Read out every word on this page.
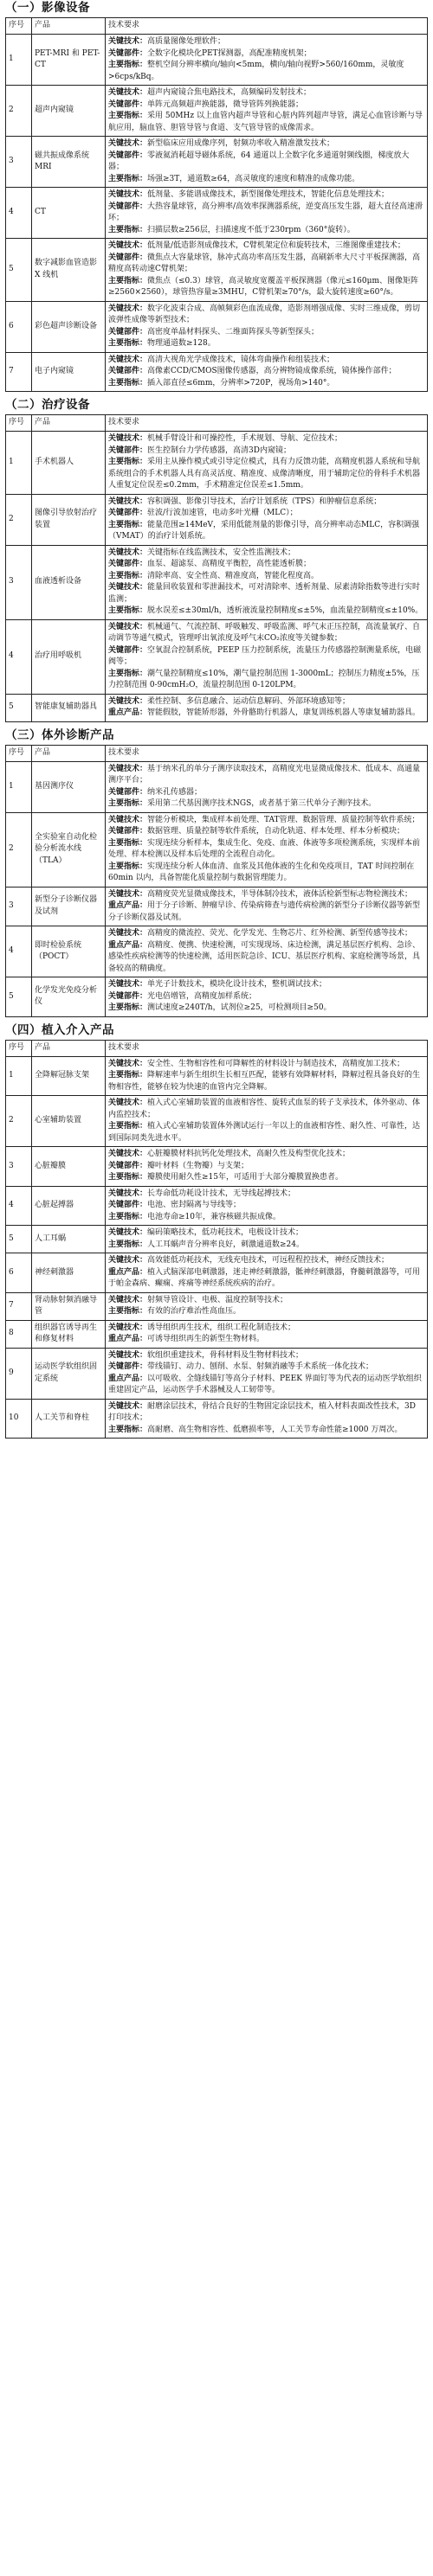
（一）影像设备
序号	产品	技术要求
1	PET-MRI 和 PET-CT	关键技术：高质量图像处理软件；

关键部件：全数字化模块化PET探测器，高配准精度机架；

主要指标：整机空间分辨率横向/轴向<5mm，横向/轴向视野>560/160mm，灵敏度>6cps/kBq。

2	超声内窥镜	关键技术：超声内窥镜合焦电路技术，高频编码发射技术；

关键部件：单阵元高频超声换能器，微导管阵列换能器；

主要指标：采用 50MHz 以上血管内超声导管和心脏内阵列超声导管，满足心血管诊断与导航应用，脑血管、胆管导管与食道、支气管导管的成像需求。

3	磁共振成像系统 MRI	关键技术：新型临床应用成像序列，射频功率收入精准激发技术；

关键部件：零液氦消耗超导磁体系统，64 通道以上全数字化多通道射频线圈，梯度放大器；

主要指标：场强≥3T，通道数≥64，高灵敏度的速度和精准的成像功能。

4	CT	关键技术：低剂量、多能谱成像技术，新型图像处理技术，智能化信息处理技术；

关键部件：大热容量球管，高分辨率/高效率探测器系统，逆变高压发生器，超大直径高速滑环；

主要指标：扫描层数≥256层，扫描速度不低于230rpm（360°旋转）。

5	数字减影血管造影 X 线机	关键技术：低剂量/低造影剂成像技术，C臂机架定位和旋转技术，三维图像重建技术；

关键部件：微焦点大容量球管，脉冲式高功率高压发生器，高刷新率大尺寸平板探测器，高精度高转动速C臂机架；

主要指标：微焦点（≤0.3）球管，高灵敏度宽覆盖平板探测器（像元≤160μm、图像矩阵≥2560×2560），球管热容量≥3MHU，C臂机架≥70°/s，最大旋转速度≥60°/s。

6	彩色超声诊断设备	关键技术：数字化波束合成、高帧频彩色血流成像，造影剂增强成像、实时三维成像，剪切波弹性成像等新型技术；

关键部件：高密度单晶材料探头、二维面阵探头等新型探头；

主要指标：物理通道数≥128。

7	电子内窥镜	关键技术：高清大视角光学成像技术，镜体弯曲操作和组装技术；

关键部件：高像素CCD/CMOS图像传感器，高分辨物镜成像系统，镜体操作部件；

主要指标：插入部直径≤6mm，分辨率>720P，视场角>140°。

（二）治疗设备
序号	产品	技术要求
1	手术机器人	关键技术：机械手臂设计和可操控性，手术规划、导航、定位技术；

关键部件：医生控制台力学传感器，高清3D内窥镜；

主要指标：采用主从操作模式或引导定位模式，具有力反馈功能，高精度机器人系统和导航系统组合的手术机器人具有高灵活度、精准度、成像清晰度，用于辅助定位的骨科手术机器人重复定位误差≤0.2mm，手术精准定位误差≤1.5mm。

2	图像引导放射治疗装置	关键技术：容积调强、影像引导技术，治疗计划系统（TPS）和肿瘤信息系统；

关键部件：驻波/行波加速管，电动多叶光栅（MLC）；

主要指标：能量范围≥14MeV，采用低能剂量的影像引导，高分辨率动态MLC，容积调强（VMAT）的治疗计划系统。

3	血液透析设备	关键技术：关键指标在线监测技术，安全性监测技术；

关键部件：血泵、超滤泵、高精度平衡腔，高性能透析膜；

主要指标：清除率高、安全性高、精准度高，智能化程度高。

关键技术：能量回收装置和零泄漏技术，可对清除率、透析剂量、尿素清除指数等进行实时监测；

主要指标：脱水误差≤±30ml/h，透析液流量控制精度≤±5%，血流量控制精度≤±10%。

4	治疗用呼吸机	关键技术：机械通气、气流控制、呼吸触发、呼吸监测、呼气末正压控制，高流量氧疗、自动调节等通气模式，管理呼出氧浓度及呼气末CO₂浓度等关键参数；

关键部件：空氧混合控制系统，PEEP 压力控制系统，流量压力传感器控制测量系统，电磁阀等；

主要指标：潮气量控制精度≤10%，潮气量控制范围 1-3000mL；控制压力精度±5%，压力控制范围 0-90cmH₂O，流量控制范围 0-120LPM。

5	智能康复辅助器具	关键技术：柔性控制、多信息融合、运动信息解码、外部环境感知等；

重点产品：智能假肢，智能矫形器，外骨骼助行机器人，康复训练机器人等康复辅助器具。

（三）体外诊断产品
序号	产品	技术要求
1	基因测序仪	关键技术：基于纳米孔的单分子测序读取技术，高精度光电显微成像技术、低成本、高通量测序平台；

关键部件：纳米孔传感器；

主要指标：采用第二代基因测序技术NGS，或者基于第三代单分子测序技术。

2	全实验室自动化检验分析流水线（TLA）	关键技术：智能分析模块，集成样本前处理、TAT管理、数据管理、质量控制等软件系统；

关键部件：数据管理、质量控制等软件系统，自动化轨道、样本处理、样本分析模块；

主要指标：实现连续分析样本，集成生化、免疫、血液、体液等多项检测系统，实现样本前处理、样本检测以及样本后处理的全流程自动化。

主要指标：实现连续分析人体血清、血浆及其他体液的生化和免疫项目，TAT 时间控制在 60min 以内，具备智能化质量控制与数据管理能力。

3	新型分子诊断仪器及试剂	关键技术：高精度荧光显微成像技术，半导体制冷技术，液体活检新型标志物检测技术；

重点产品：用于分子诊断、肿瘤早诊、传染病筛查与遗传病检测的新型分子诊断仪器等新型分子诊断仪器及试剂。

4	即时检验系统（POCT）	关键技术：高精度的微流控、荧光、化学发光、生物芯片、红外检测、新型传感等技术；

重点产品：高精度、便携、快速检测，可实现现场、床边检测，满足基层医疗机构、急诊、感染性疾病检测等的快速检测，适用医院急诊、ICU、基层医疗机构、家庭检测等场景，具备较高的精确度。

5	化学发光免疫分析仪	关键技术：单光子计数技术，模块化设计技术，整机调试技术；

关键部件：光电倍增管，高精度加样系统；

主要指标：测试速度≥240T/h，试剂位≥25，可检测项目≥50。

（四）植入介入产品
序号	产品	技术要求
1	全降解冠脉支架	关键技术：安全性、生物相容性和可降解性的材料设计与制造技术，高精度加工技术；

主要指标：降解速率与新生组织生长相互匹配，能够有效降解材料，降解过程具备良好的生物相容性，能够在较为快速的血管内完全降解。

2	心室辅助装置	关键技术：植入式心室辅助装置的血液相容性、旋转式血泵的转子支承技术，体外驱动、体内监控技术；

主要指标：植入式心室辅助装置体外测试运行一年以上的血液相容性、耐久性、可靠性，达到国际同类先进水平。

3	心脏瓣膜	关键技术：心脏瓣膜材料抗钙化处理技术，高耐久性及构型优化技术；

关键部件：瓣叶材料（生物瓣）与支架；

主要指标：瓣膜使用耐久性≥15年，可适用于大部分瓣膜置换患者。

4	心脏起搏器	关键技术：长寿命低功耗设计技术，无导线起搏技术；

关键部件：电池、密封隔离与导线等；

主要指标：电池寿命≥10年，兼容核磁共振成像。

5	人工耳蜗	关键技术：编码策略技术，低功耗技术，电极设计技术；

主要指标：人工耳蜗声音分辨率良好，刺激通道数≥24。

6	神经刺激器	关键技术：高效能低功耗技术，无线充电技术，可远程程控技术，神经反馈技术；

重点产品：植入式脑深部电刺激器，迷走神经刺激器，骶神经刺激器，脊髓刺激器等，可用于帕金森病、癫痫、疼痛等神经系统疾病的治疗。

7	肾动脉射频消融导管	关键技术：射频导管设计、电极、温度控制等技术；

主要指标：有效的治疗难治性高血压。

8	组织器官诱导再生和修复材料	关键技术：诱导组织再生技术，组织工程化制造技术；

重点产品：可诱导组织再生的新型生物材料。

9	运动医学软组织固定系统	关键技术：软组织重建技术，骨科材料及生物材料技术；

关键部件：带线锚钉、动力、刨削、水泵、射频消融等手术系统一体化技术；

重点产品：以可吸收、全缝线锚钉等高分子材料、PEEK 界面钉等为代表的运动医学软组织重建固定产品，运动医学手术器械及人工韧带等。

10	人工关节和脊柱	关键技术：耐磨涂层技术，骨结合良好的生物固定涂层技术，植入材料表面改性技术，3D 打印技术；

主要指标：高耐磨、高生物相容性、低磨损率等，人工关节寿命性能≥1000 万周次。
